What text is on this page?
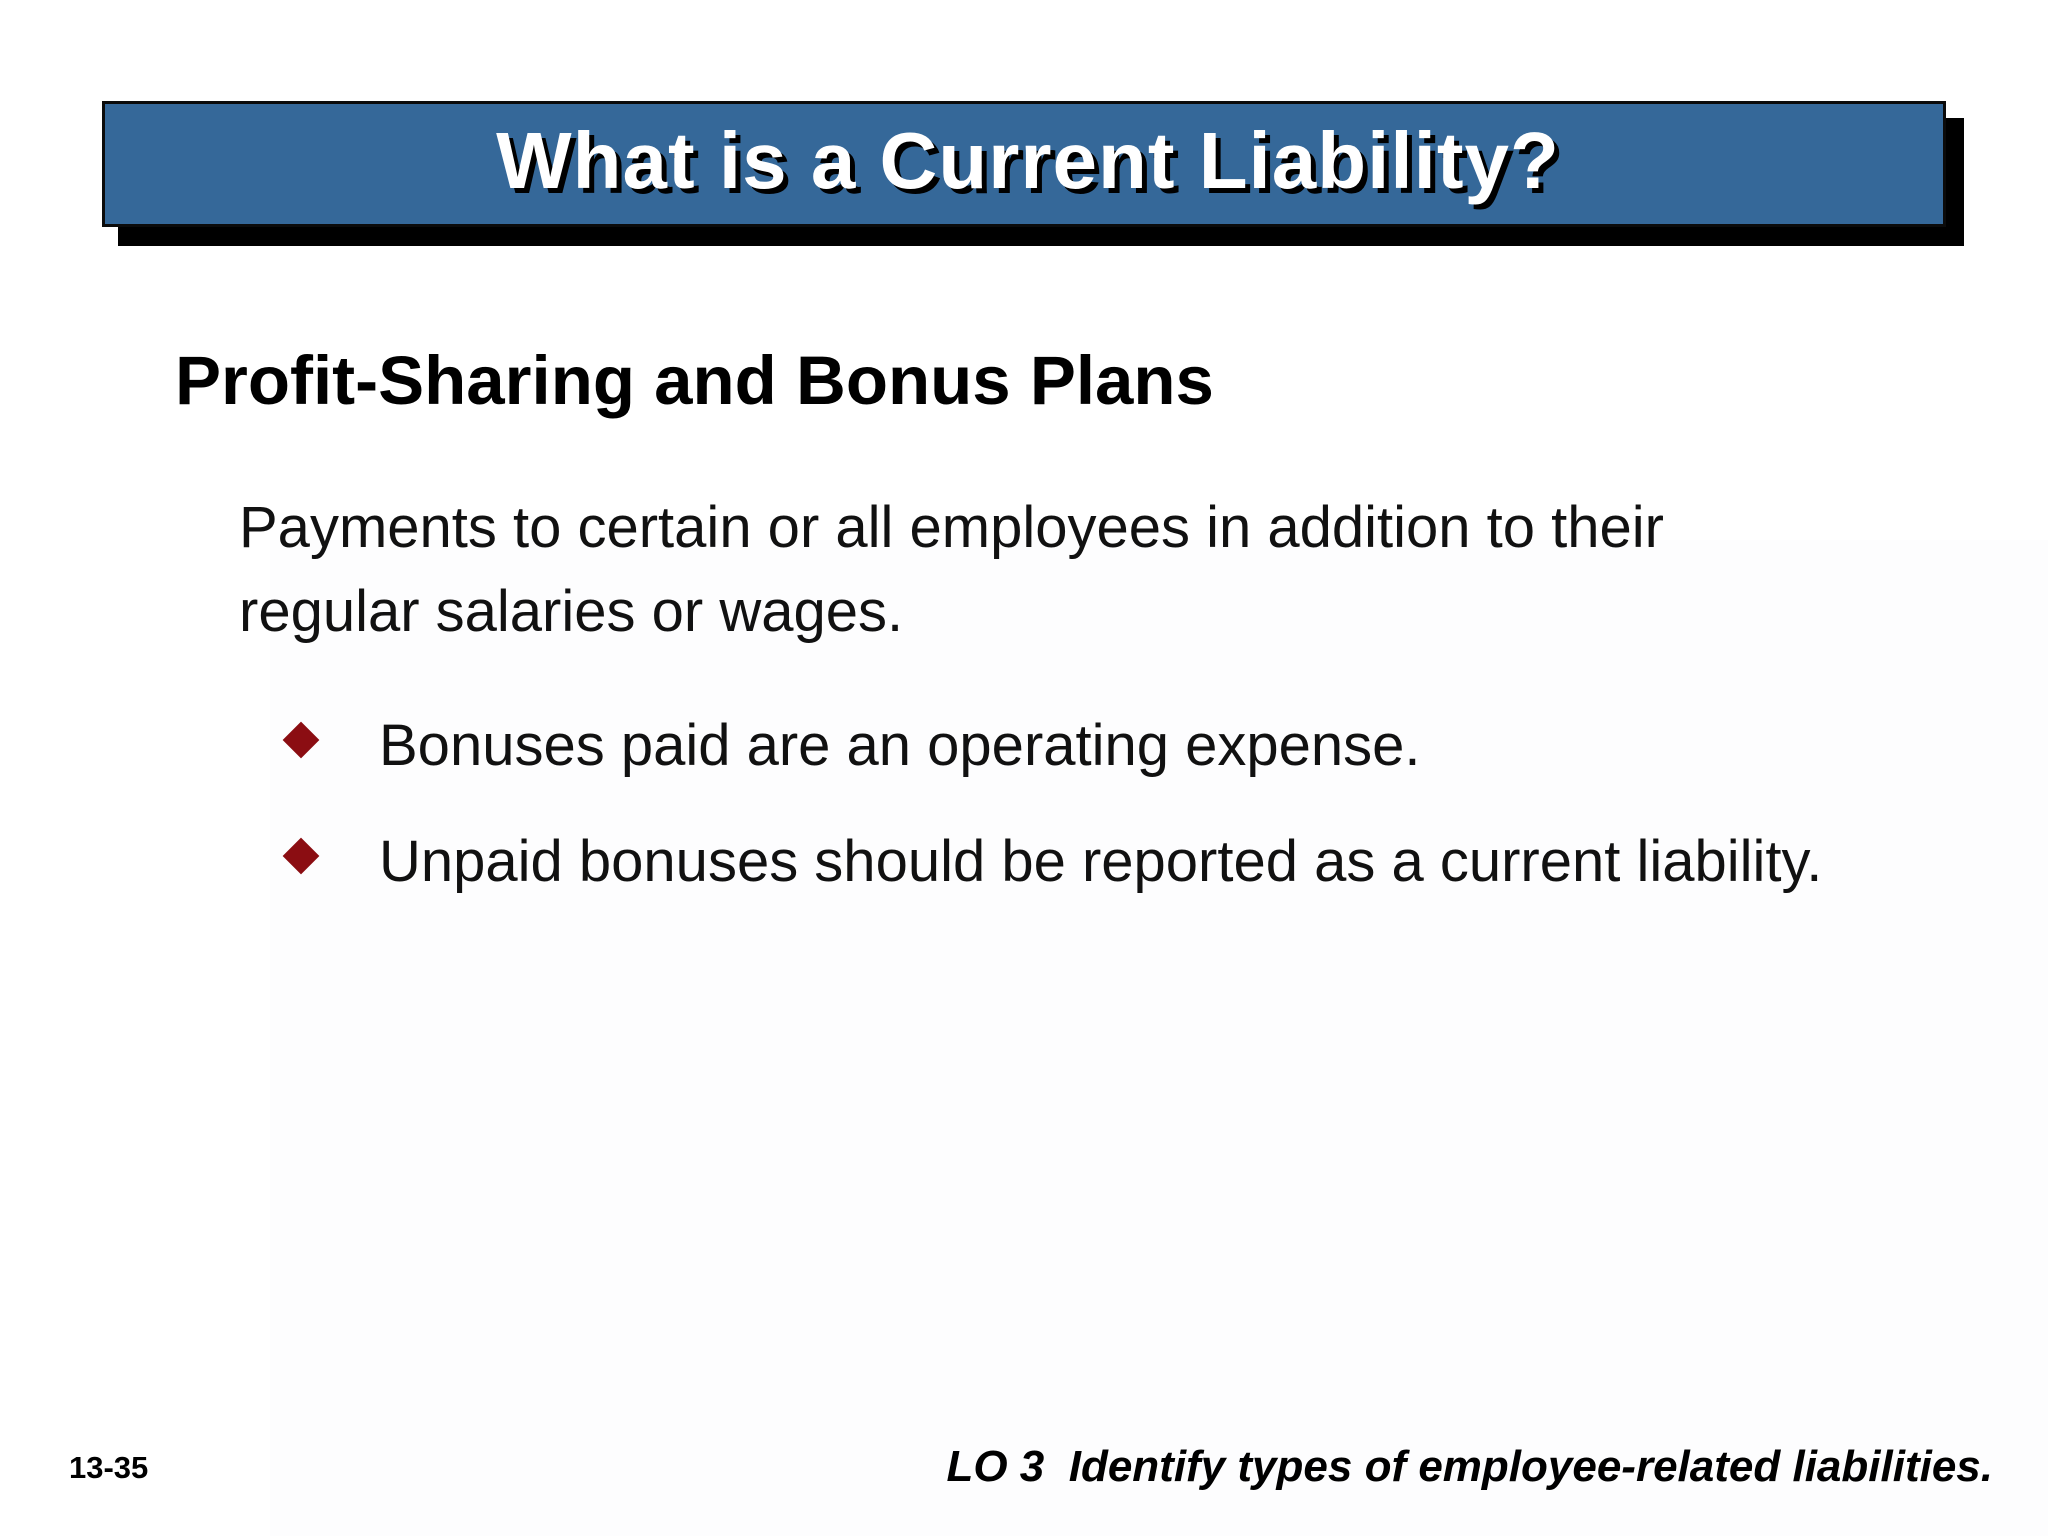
What is a Current Liability?
Profit-Sharing and Bonus Plans
Payments to certain or all employees in addition to their regular salaries or wages.
Bonuses paid are an operating expense.
Unpaid bonuses should be reported as a current liability.
13-35	LO 3  Identify types of employee-related liabilities.
